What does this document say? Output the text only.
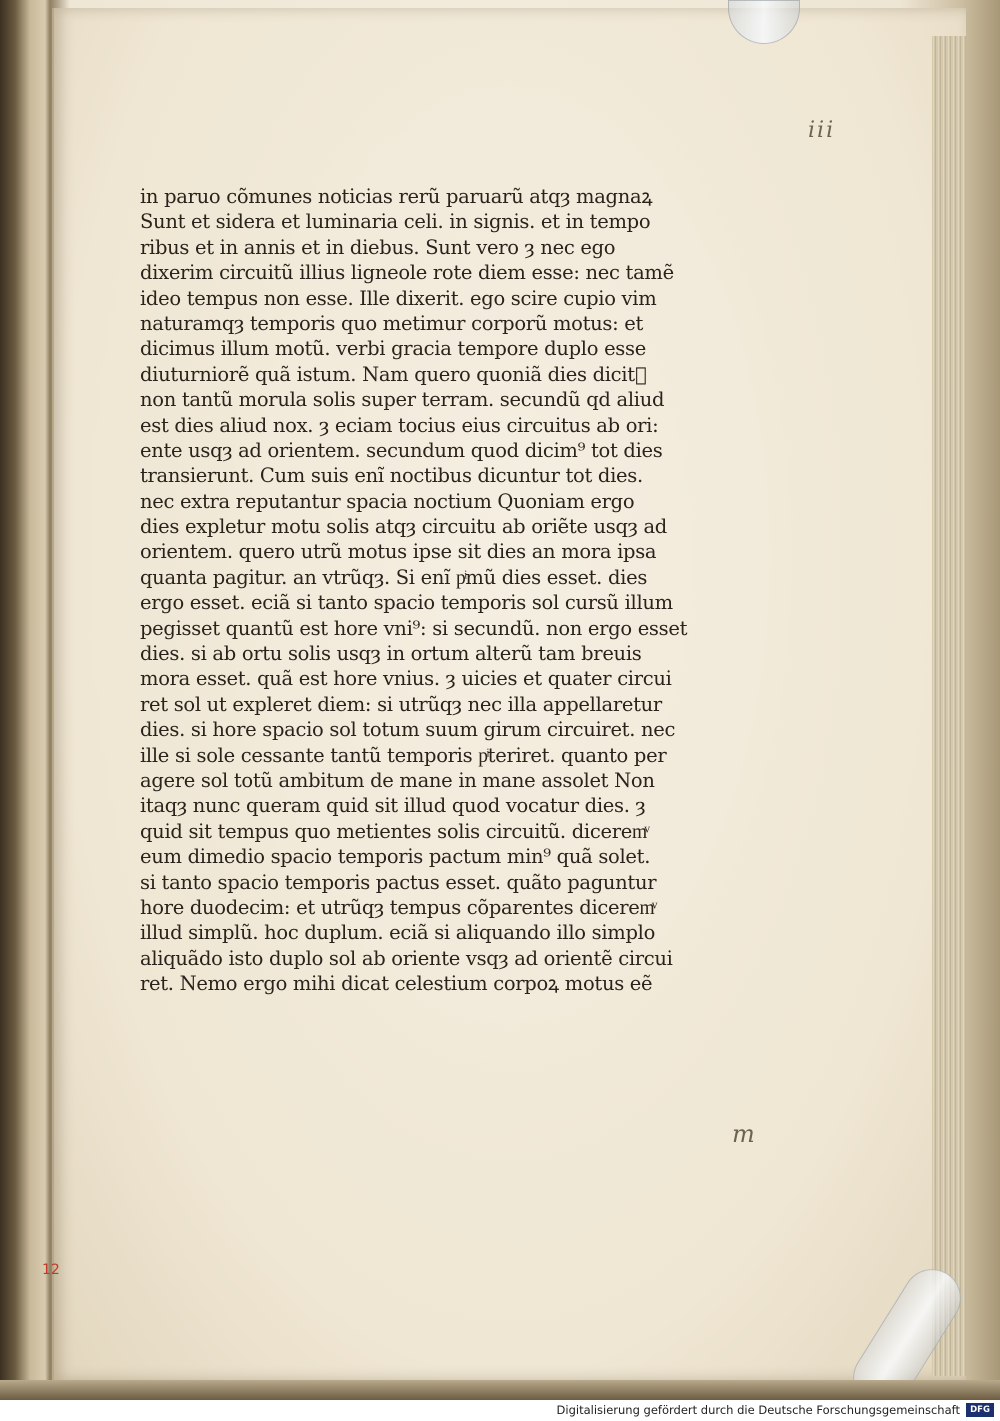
iii
in paruo cõmunes noticias rerũ paruarũ atqȝ magnaꝝ
Sunt et sidera et luminaria celi. in signis. et in tempo
ribus et in annis et in diebus. Sunt vero ȝ nec ego
dixerim circuitũ illius ligneole rote diem esse: nec tamẽ
ideo tempus non esse. Ille dixerit. ego scire cupio vim
naturamqȝ temporis quo metimur corporũ motus: et
dicimus illum motũ. verbi gracia tempore duplo esse
diuturniorẽ quã istum. Nam quero quoniã dies dicitᷣ
non tantũ morula solis super terram. secundũ qd aliud
est dies aliud nox. ȝ eciam tocius eius circuitus ab ori:
ente usqȝ ad orientem. secundum quod dicim⁹ tot dies
transierunt. Cum suis enĩ noctibus dicuntur tot dies.
nec extra reputantur spacia noctium Quoniam ergo
dies expletur motu solis atqȝ circuitu ab oriẽte usqȝ ad
orientem. quero utrũ motus ipse sit dies an mora ipsa
quanta pagitur. an vtrũqȝ. Si enĩ pͥmũ dies esset. dies
ergo esset. eciã si tanto spacio temporis sol cursũ illum
pegisset quantũ est hore vni⁹: si secundũ. non ergo esset
dies. si ab ortu solis usqȝ in ortum alterũ tam breuis
mora esset. quã est hore vnius. ȝ uicies et quater circui
ret sol ut expleret diem: si utrũqȝ nec illa appellaretur
dies. si hore spacio sol totum suum girum circuiret. nec
ille si sole cessante tantũ temporis pͥteriret. quanto per
agere sol totũ ambitum de mane in mane assolet Non
itaqȝ nunc queram quid sit illud quod vocatur dies. ȝ
quid sit tempus quo metientes solis circuitũ. diceremͮ
eum dimedio spacio temporis pactum min⁹ quã solet.
si tanto spacio temporis pactus esset. quãto paguntur
hore duodecim: et utrũqȝ tempus cõparentes diceremͮ
illud simplũ. hoc duplum. eciã si aliquando illo simplo
aliquãdo isto duplo sol ab oriente vsqȝ ad orientẽ circui
ret. Nemo ergo mihi dicat celestium corpoꝝ motus eẽ
m
12
Digitalisierung gefördert durch die Deutsche Forschungsgemeinschaft	DFG
